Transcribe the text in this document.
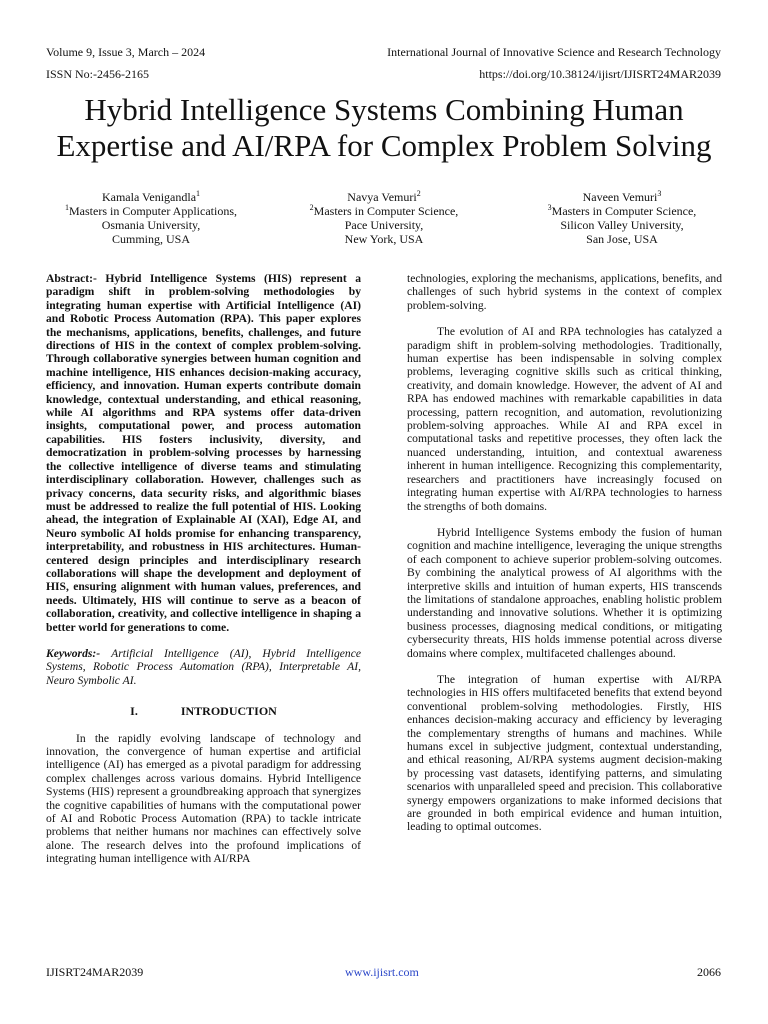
Volume 9, Issue 3, March – 2024	International Journal of Innovative Science and Research Technology
ISSN No:-2456-2165	https://doi.org/10.38124/ijisrt/IJISRT24MAR2039
Hybrid Intelligence Systems Combining Human
Expertise and AI/RPA for Complex Problem Solving
Kamala Venigandla$^1$
$^1$Masters in Computer Applications,
Osmania University,
Cumming, USA
Navya Vemuri$^2$
$^2$Masters in Computer Science,
Pace University,
New York, USA
Naveen Vemuri$^3$
$^3$Masters in Computer Science,
Silicon Valley University,
San Jose, USA

Abstract:- Hybrid Intelligence Systems (HIS) represent a paradigm shift in problem-solving methodologies by integrating human expertise with Artificial Intelligence (AI) and Robotic Process Automation (RPA). This paper explores the mechanisms, applications, benefits, challenges, and future directions of HIS in the context of complex problem-solving. Through collaborative synergies between human cognition and machine intelligence, HIS enhances decision-making accuracy, efficiency, and innovation. Human experts contribute domain knowledge, contextual understanding, and ethical reasoning, while AI algorithms and RPA systems offer data-driven insights, computational power, and process automation capabilities. HIS fosters inclusivity, diversity, and democratization in problem-solving processes by harnessing the collective intelligence of diverse teams and stimulating interdisciplinary collaboration. However, challenges such as privacy concerns, data security risks, and algorithmic biases must be addressed to realize the full potential of HIS. Looking ahead, the integration of Explainable AI (XAI), Edge AI, and Neuro symbolic AI holds promise for enhancing transparency, interpretability, and robustness in HIS architectures. Human-centered design principles and interdisciplinary research collaborations will shape the development and deployment of HIS, ensuring alignment with human values, preferences, and needs. Ultimately, HIS will continue to serve as a beacon of collaboration, creativity, and collective intelligence in shaping a better world for generations to come.

Keywords:- Artificial Intelligence (AI), Hybrid Intelligence Systems, Robotic Process Automation (RPA), Interpretable AI, Neuro Symbolic AI.

I.	INTRODUCTION

In the rapidly evolving landscape of technology and innovation, the convergence of human expertise and artificial intelligence (AI) has emerged as a pivotal paradigm for addressing complex challenges across various domains. Hybrid Intelligence Systems (HIS) represent a groundbreaking approach that synergizes the cognitive capabilities of humans with the computational power of AI and Robotic Process Automation (RPA) to tackle intricate problems that neither humans nor machines can effectively solve alone. The research delves into the profound implications of integrating human intelligence with AI/RPA

technologies, exploring the mechanisms, applications, benefits, and challenges of such hybrid systems in the context of complex problem-solving.

The evolution of AI and RPA technologies has catalyzed a paradigm shift in problem-solving methodologies. Traditionally, human expertise has been indispensable in solving complex problems, leveraging cognitive skills such as critical thinking, creativity, and domain knowledge. However, the advent of AI and RPA has endowed machines with remarkable capabilities in data processing, pattern recognition, and automation, revolutionizing problem-solving approaches. While AI and RPA excel in computational tasks and repetitive processes, they often lack the nuanced understanding, intuition, and contextual awareness inherent in human intelligence. Recognizing this complementarity, researchers and practitioners have increasingly focused on integrating human expertise with AI/RPA technologies to harness the strengths of both domains.

Hybrid Intelligence Systems embody the fusion of human cognition and machine intelligence, leveraging the unique strengths of each component to achieve superior problem-solving outcomes. By combining the analytical prowess of AI algorithms with the interpretive skills and intuition of human experts, HIS transcends the limitations of standalone approaches, enabling holistic problem understanding and innovative solutions. Whether it is optimizing business processes, diagnosing medical conditions, or mitigating cybersecurity threats, HIS holds immense potential across diverse domains where complex, multifaceted challenges abound.

The integration of human expertise with AI/RPA technologies in HIS offers multifaceted benefits that extend beyond conventional problem-solving methodologies. Firstly, HIS enhances decision-making accuracy and efficiency by leveraging the complementary strengths of humans and machines. While humans excel in subjective judgment, contextual understanding, and ethical reasoning, AI/RPA systems augment decision-making by processing vast datasets, identifying patterns, and simulating scenarios with unparalleled speed and precision. This collaborative synergy empowers organizations to make informed decisions that are grounded in both empirical evidence and human intuition, leading to optimal outcomes.

IJISRT24MAR2039	www.ijisrt.com	2066
